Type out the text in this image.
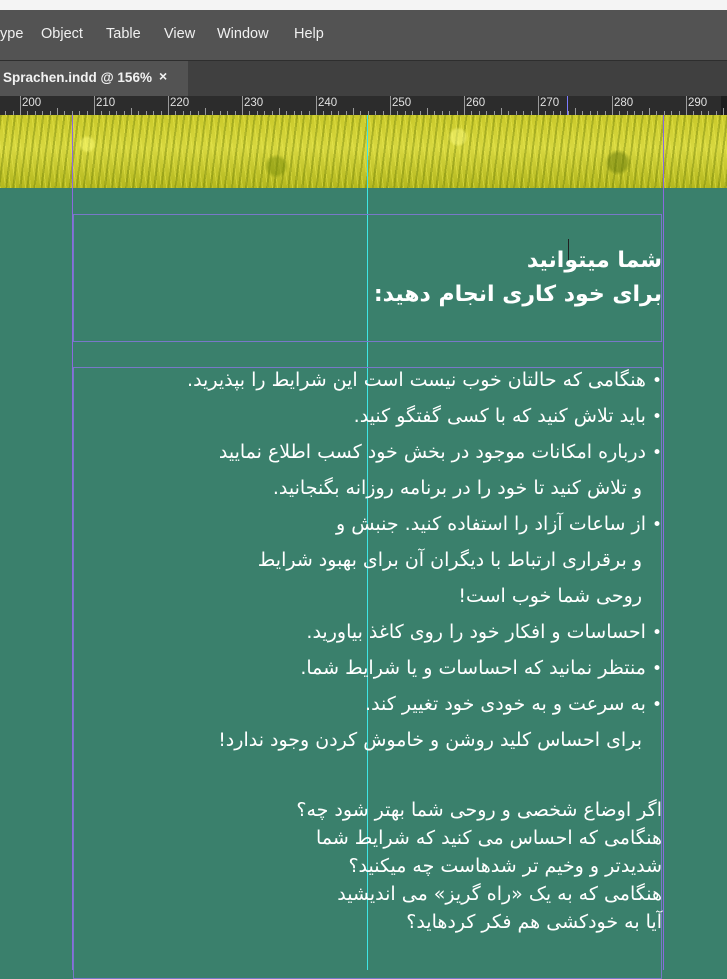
ype Object Table View Window Help
Sprachen.indd @ 156% ×
200	210	220	230	240	250	260	270	280	290
شما میتوانید
برای خود کاری انجام دهید:
•هنگامی که حالتان خوب نیست است این شرایط را بپذیرید.
•باید تلاش کنید که با کسی گفتگو کنید.
•درباره امکانات موجود در بخش خود کسب اطلاع نمایید
و تلاش کنید تا خود را در برنامه روزانه بگنجانید.
•از ساعات آزاد را استفاده کنید. جنبش و
و برقراری ارتباط با دیگران آن برای بهبود شرایط
روحی شما خوب است!
•احساسات و افکار خود را روی کاغذ بیاورید.
•منتظر نمانید که احساسات و یا شرایط شما.
•به سرعت و به خودی خود تغییر کند.
برای احساس کلید روشن و خاموش کردن وجود ندارد!
اگر اوضاع شخصی و روحی شما بهتر شود چه؟
هنگامی که احساس می کنید که شرایط شما
شدیدتر و وخیم تر شده؜است چه می؜کنید؟
هنگامی که به یک «راه گریز» می اندیشید
آیا به خودکشی هم فکر کرده؜اید؟
